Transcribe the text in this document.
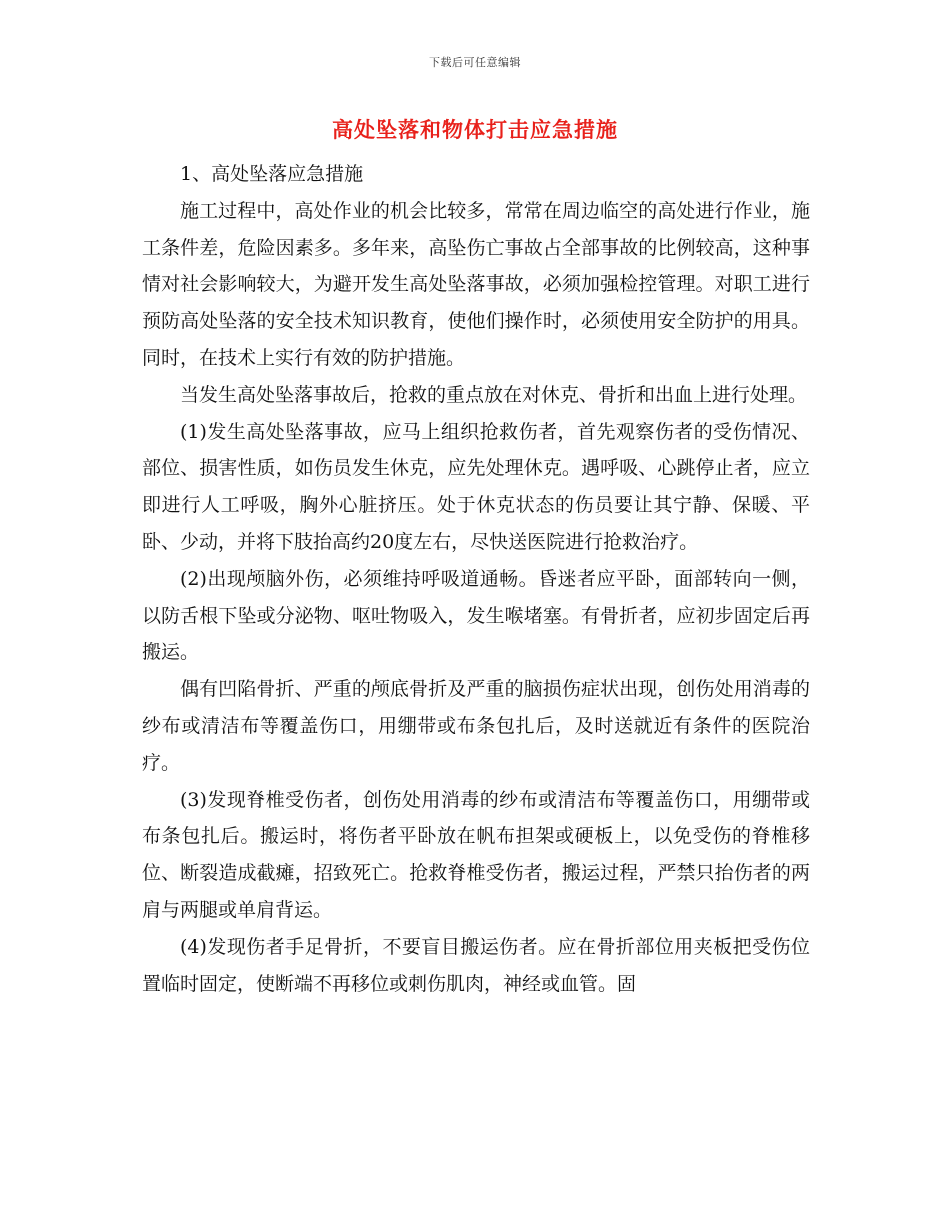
下载后可任意编辑
高处坠落和物体打击应急措施

1、高处坠落应急措施

施工过程中，高处作业的机会比较多，常常在周边临空的高处进行作业，施工条件差，危险因素多。多年来，高坠伤亡事故占全部事故的比例较高，这种事情对社会影响较大，为避开发生高处坠落事故，必须加强检控管理。对职工进行预防高处坠落的安全技术知识教育，使他们操作时，必须使用安全防护的用具。同时，在技术上实行有效的防护措施。

当发生高处坠落事故后，抢救的重点放在对休克、骨折和出血上进行处理。

(1)发生高处坠落事故，应马上组织抢救伤者，首先观察伤者的受伤情况、部位、损害性质，如伤员发生休克，应先处理休克。遇呼吸、心跳停止者，应立即进行人工呼吸，胸外心脏挤压。处于休克状态的伤员要让其宁静、保暖、平卧、少动，并将下肢抬高约20度左右，尽快送医院进行抢救治疗。

(2)出现颅脑外伤，必须维持呼吸道通畅。昏迷者应平卧，面部转向一侧，以防舌根下坠或分泌物、呕吐物吸入，发生喉堵塞。有骨折者，应初步固定后再搬运。

偶有凹陷骨折、严重的颅底骨折及严重的脑损伤症状出现，创伤处用消毒的纱布或清洁布等覆盖伤口，用绷带或布条包扎后，及时送就近有条件的医院治疗。

(3)发现脊椎受伤者，创伤处用消毒的纱布或清洁布等覆盖伤口，用绷带或布条包扎后。搬运时，将伤者平卧放在帆布担架或硬板上，以免受伤的脊椎移位、断裂造成截瘫，招致死亡。抢救脊椎受伤者，搬运过程，严禁只抬伤者的两肩与两腿或单肩背运。

(4)发现伤者手足骨折，不要盲目搬运伤者。应在骨折部位用夹板把受伤位置临时固定，使断端不再移位或刺伤肌肉，神经或血管。固
